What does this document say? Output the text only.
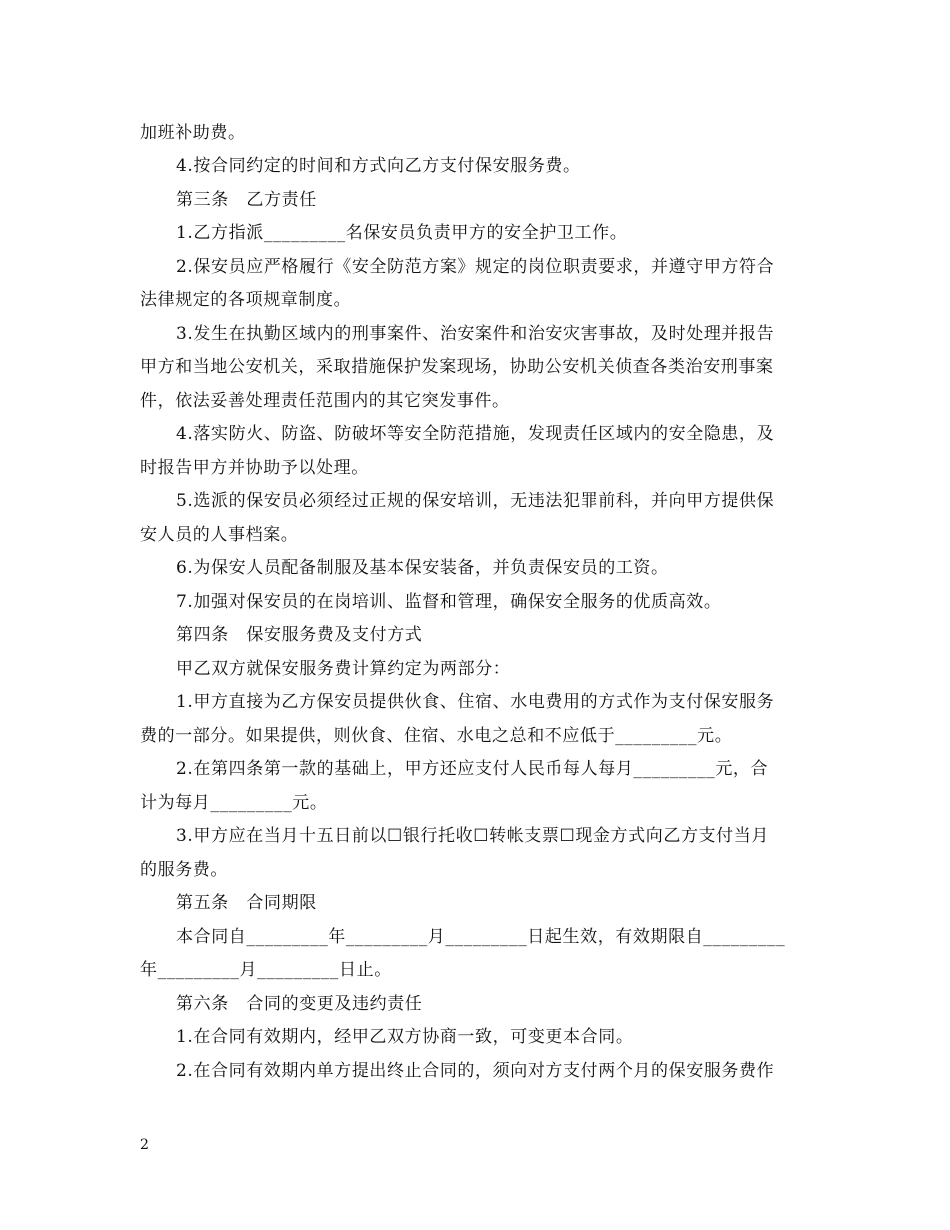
加班补助费。
4.按合同约定的时间和方式向乙方支付保安服务费。
第三条　乙方责任
1.乙方指派_________名保安员负责甲方的安全护卫工作。
2.保安员应严格履行《安全防范方案》规定的岗位职责要求，并遵守甲方符合
法律规定的各项规章制度。
3.发生在执勤区域内的刑事案件、治安案件和治安灾害事故，及时处理并报告
甲方和当地公安机关，采取措施保护发案现场，协助公安机关侦查各类治安刑事案
件，依法妥善处理责任范围内的其它突发事件。
4.落实防火、防盗、防破坏等安全防范措施，发现责任区域内的安全隐患，及
时报告甲方并协助予以处理。
5.选派的保安员必须经过正规的保安培训，无违法犯罪前科，并向甲方提供保
安人员的人事档案。
6.为保安人员配备制服及基本保安装备，并负责保安员的工资。
7.加强对保安员的在岗培训、监督和管理，确保安全服务的优质高效。
第四条　保安服务费及支付方式
甲乙双方就保安服务费计算约定为两部分：
1.甲方直接为乙方保安员提供伙食、住宿、水电费用的方式作为支付保安服务
费的一部分。如果提供，则伙食、住宿、水电之总和不应低于_________元。
2.在第四条第一款的基础上，甲方还应支付人民币每人每月_________元，合
计为每月_________元。
3.甲方应在当月十五日前以☐银行托收☐转帐支票☐现金方式向乙方支付当月
的服务费。
第五条　合同期限
本合同自_________年_________月_________日起生效，有效期限自_________
年_________月_________日止。
第六条　合同的变更及违约责任
1.在合同有效期内，经甲乙双方协商一致，可变更本合同。
2.在合同有效期内单方提出终止合同的，须向对方支付两个月的保安服务费作
2
